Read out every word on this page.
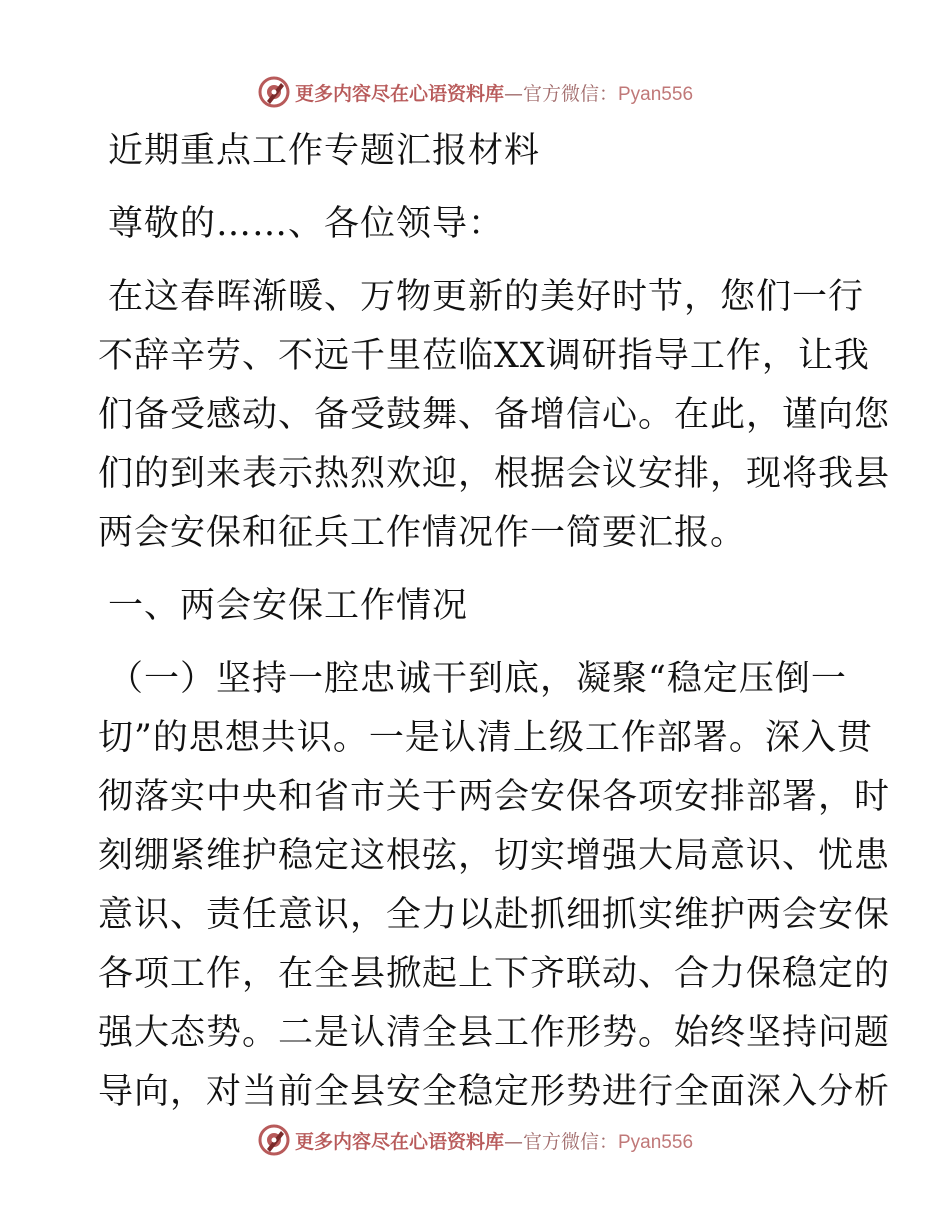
更多内容尽在心语资料库—官方微信：Pyan556
近期重点工作专题汇报材料
尊敬的……、各位领导：
在这春晖渐暖、万物更新的美好时节，您们一行
不辞辛劳、不远千里莅临XX调研指导工作，让我
们备受感动、备受鼓舞、备增信心。在此，谨向您
们的到来表示热烈欢迎，根据会议安排，现将我县
两会安保和征兵工作情况作一简要汇报。
一、两会安保工作情况
（一）坚持一腔忠诚干到底，凝聚“稳定压倒一
切”的思想共识。一是认清上级工作部署。深入贯
彻落实中央和省市关于两会安保各项安排部署，时
刻绷紧维护稳定这根弦，切实增强大局意识、忧患
意识、责任意识，全力以赴抓细抓实维护两会安保
各项工作，在全县掀起上下齐联动、合力保稳定的
强大态势。二是认清全县工作形势。始终坚持问题
导向，对当前全县安全稳定形势进行全面深入分析
更多内容尽在心语资料库—官方微信：Pyan556
